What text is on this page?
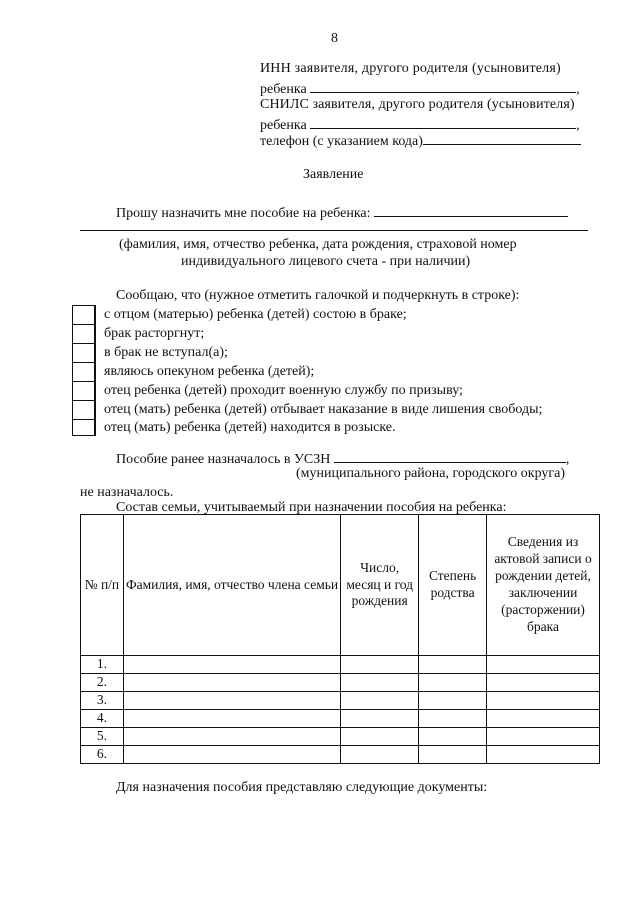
8
ИНН заявителя, другого родителя (усыновителя)
ребенка	,
СНИЛС заявителя, другого родителя (усыновителя)
ребенка	,
телефон (с указанием кода)
Заявление
Прошу назначить мне пособие на ребенка:
(фамилия, имя, отчество ребенка, дата рождения, страховой номер
индивидуального лицевого счета - при наличии)
Сообщаю, что (нужное отметить галочкой и подчеркнуть в строке):
с отцом (матерью) ребенка (детей) состою в браке;
брак расторгнут;
в брак не вступал(а);
являюсь опекуном ребенка (детей);
отец ребенка (детей) проходит военную службу по призыву;
отец (мать) ребенка (детей) отбывает наказание в виде лишения свободы;
отец (мать) ребенка (детей) находится в розыске.
Пособие ранее назначалось в УСЗН	,
(муниципального района, городского округа)
не назначалось.
Состав семьи, учитываемый при назначении пособия на ребенка:
№ п/п	Фамилия, имя, отчество члена семьи	Число, месяц и год рождения	Степень родства	Сведения из актовой записи о рождении детей, заключении (расторжении) брака
1.				
2.				
3.				
4.				
5.				
6.				
Для назначения пособия представляю следующие документы:
